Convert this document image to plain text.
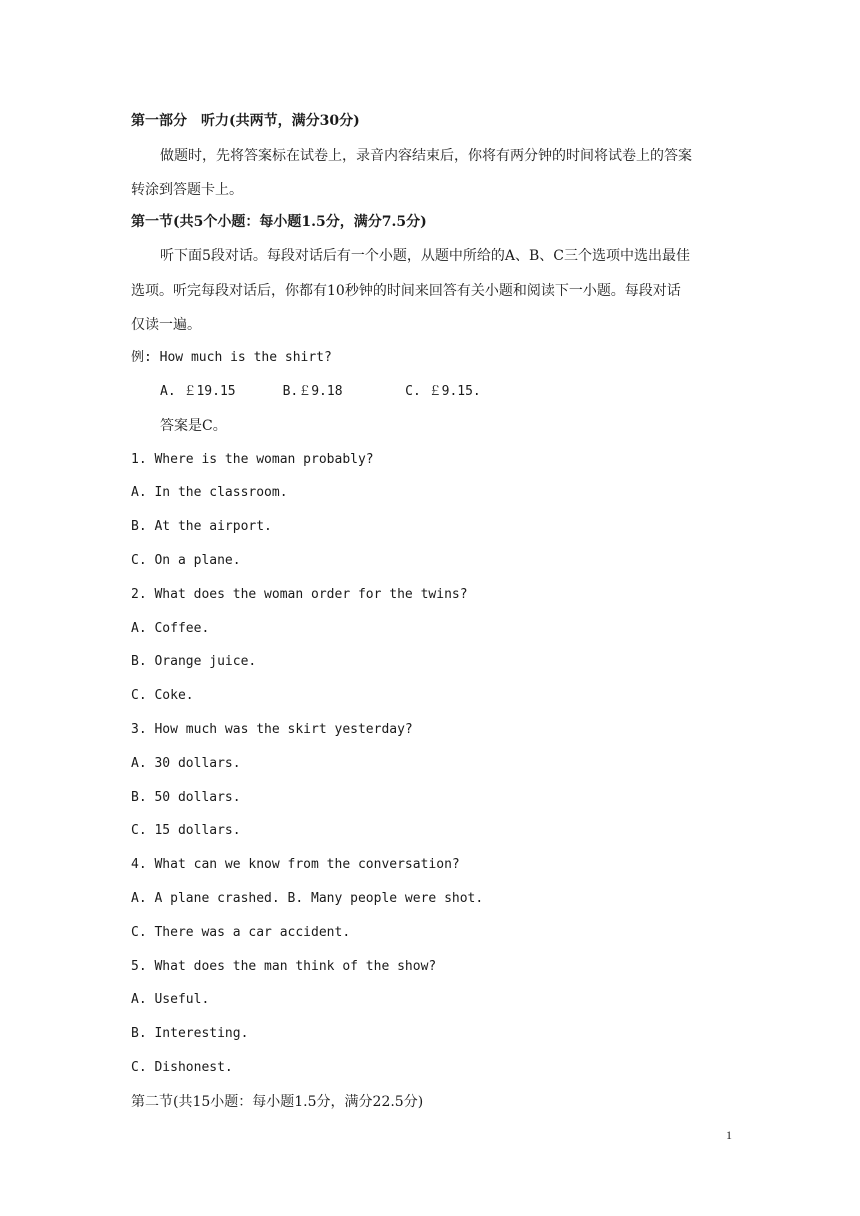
第一部分　听力(共两节，满分30分)
做题时，先将答案标在试卷上，录音内容结束后，你将有两分钟的时间将试卷上的答案
转涂到答题卡上。
第一节(共5个小题：每小题1.5分，满分7.5分)
听下面5段对话。每段对话后有一个小题，从题中所给的A、B、C三个选项中选出最佳
选项。听完每段对话后，你都有10秒钟的时间来回答有关小题和阅读下一小题。每段对话
仅读一遍。
例: How much is the shirt?
A. ￡19.15      B.￡9.18        C. ￡9.15.
答案是C。
1. Where is the woman probably?
A. In the classroom.
B. At the airport.
C. On a plane.
2. What does the woman order for the twins?
A. Coffee.
B. Orange juice.
C. Coke.
3. How much was the skirt yesterday?
A. 30 dollars.
B. 50 dollars.
C. 15 dollars.
4. What can we know from the conversation?
A. A plane crashed. B. Many people were shot.
C. There was a car accident.
5. What does the man think of the show?
A. Useful.
B. Interesting.
C. Dishonest.
第二节(共15小题：每小题1.5分，满分22.5分)
1
